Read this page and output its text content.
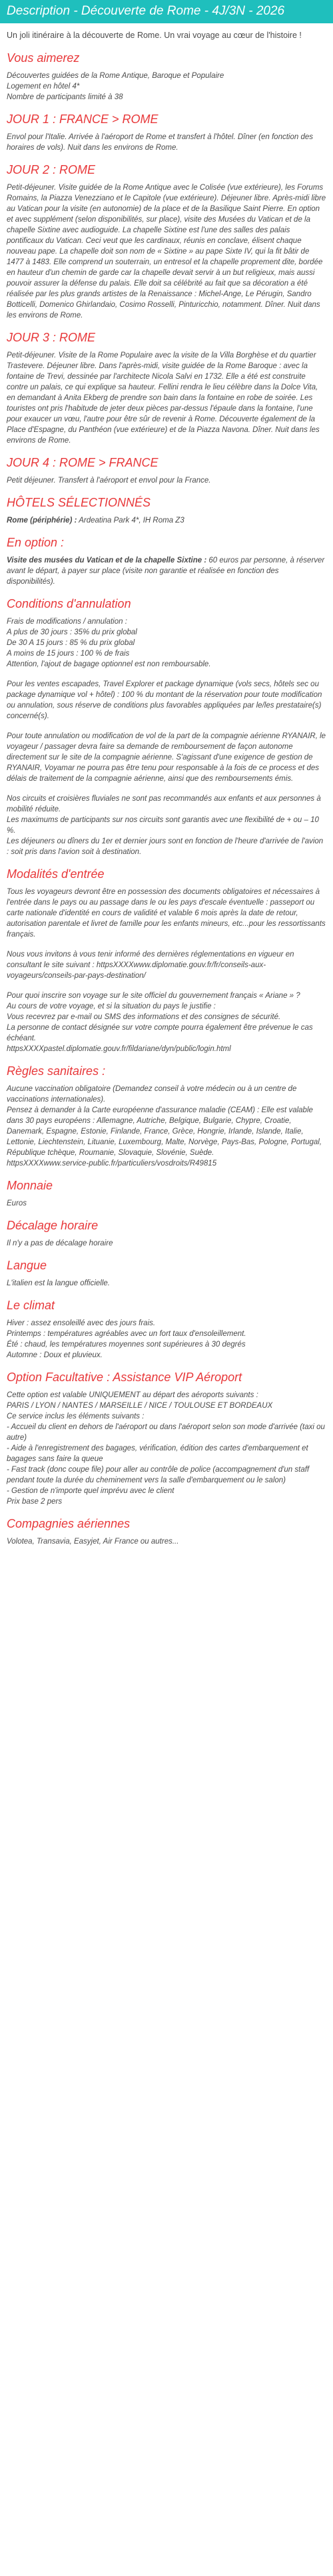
Description - Découverte de Rome - 4J/3N - 2026

Un joli itinéraire à la découverte de Rome. Un vrai voyage au cœur de l'histoire !

Vous aimerez
Découvertes guidées de la Rome Antique, Baroque et Populaire
Logement en hôtel 4*
Nombre de participants limité à 38
JOUR 1 : FRANCE > ROME

Envol pour l'Italie. Arrivée à l'aéroport de Rome et transfert à l'hôtel. Dîner (en fonction des horaires de vols). Nuit dans les environs de Rome.

JOUR 2 : ROME

Petit-déjeuner. Visite guidée de la Rome Antique avec le Colisée (vue extérieure), les Forums Romains, la Piazza Venezziano et le Capitole (vue extérieure). Déjeuner libre. Après-midi libre au Vatican pour la visite (en autonomie) de la place et de la Basilique Saint Pierre. En option et avec supplément (selon disponibilités, sur place), visite des Musées du Vatican et de la chapelle Sixtine avec audioguide. La chapelle Sixtine est l'une des salles des palais pontificaux du Vatican. Ceci veut que les cardinaux, réunis en conclave, élisent chaque nouveau pape. La chapelle doit son nom de « Sixtine » au pape Sixte IV, qui la fit bâtir de 1477 à 1483. Elle comprend un souterrain, un entresol et la chapelle proprement dite, bordée en hauteur d'un chemin de garde car la chapelle devait servir à un but religieux, mais aussi pouvoir assurer la défense du palais. Elle doit sa célébrité au fait que sa décoration a été réalisée par les plus grands artistes de la Renaissance : Michel-Ange, Le Pérugin, Sandro Botticelli, Domenico Ghirlandaio, Cosimo Rosselli, Pinturicchio, notamment. Dîner. Nuit dans les environs de Rome.

JOUR 3 : ROME

Petit-déjeuner. Visite de la Rome Populaire avec la visite de la Villa Borghèse et du quartier Trastevere. Déjeuner libre. Dans l'après-midi, visite guidée de la Rome Baroque : avec la fontaine de Trevi, dessinée par l'architecte Nicola Salvi en 1732. Elle a été est construite contre un palais, ce qui explique sa hauteur. Fellini rendra le lieu célèbre dans la Dolce Vita, en demandant à Anita Ekberg de prendre son bain dans la fontaine en robe de soirée. Les touristes ont pris l'habitude de jeter deux pièces par-dessus l'épaule dans la fontaine, l'une pour exaucer un vœu, l'autre pour être sûr de revenir à Rome. Découverte également de la Place d'Espagne, du Panthéon (vue extérieure) et de la Piazza Navona. Dîner. Nuit dans les environs de Rome.

JOUR 4 : ROME > FRANCE

Petit déjeuner. Transfert à l'aéroport et envol pour la France.

HÔTELS SÉLECTIONNÉS

Rome (périphérie) : Ardeatina Park 4*, IH Roma Z3

En option :

Visite des musées du Vatican et de la chapelle Sixtine : 60 euros par personne, à réserver avant le départ, à payer sur place (visite non garantie et réalisée en fonction des disponibilités).

Conditions d'annulation
Frais de modifications / annulation :
A plus de 30 jours : 35% du prix global
De 30 A 15 jours : 85 % du prix global
A moins de 15 jours : 100 % de frais
Attention, l'ajout de bagage optionnel est non remboursable.

Pour les ventes escapades, Travel Explorer et package dynamique (vols secs, hôtels sec ou package dynamique vol + hôtel) : 100 % du montant de la réservation pour toute modification ou annulation, sous réserve de conditions plus favorables appliquées par le/les prestataire(s) concerné(s).

Pour toute annulation ou modification de vol de la part de la compagnie aérienne RYANAIR, le voyageur / passager devra faire sa demande de remboursement de façon autonome directement sur le site de la compagnie aérienne. S'agissant d'une exigence de gestion de RYANAIR, Voyamar ne pourra pas être tenu pour responsable à la fois de ce process et des délais de traitement de la compagnie aérienne, ainsi que des remboursements émis.

Nos circuits et croisières fluviales ne sont pas recommandés aux enfants et aux personnes à mobilité réduite.
Les maximums de participants sur nos circuits sont garantis avec une flexibilité de + ou – 10 %.
Les déjeuners ou dîners du 1er et dernier jours sont en fonction de l'heure d'arrivée de l'avion : soit pris dans l'avion soit à destination.

Modalités d'entrée

Tous les voyageurs devront être en possession des documents obligatoires et nécessaires à l'entrée dans le pays ou au passage dans le ou les pays d'escale éventuelle : passeport ou carte nationale d'identité en cours de validité et valable 6 mois après la date de retour, autorisation parentale et livret de famille pour les enfants mineurs, etc...pour les ressortissants français.

Nous vous invitons à vous tenir informé des dernières réglementations en vigueur en consultant le site suivant : httpsXXXXwww.diplomatie.gouv.fr/fr/conseils-aux-voyageurs/conseils-par-pays-destination/

Pour quoi inscrire son voyage sur le site officiel du gouvernement français « Ariane » ?
Au cours de votre voyage, et si la situation du pays le justifie :
Vous recevrez par e-mail ou SMS des informations et des consignes de sécurité.
La personne de contact désignée sur votre compte pourra également être prévenue le cas échéant.
httpsXXXXpastel.diplomatie.gouv.fr/fildariane/dyn/public/login.html

Règles sanitaires :

Aucune vaccination obligatoire (Demandez conseil à votre médecin ou à un centre de vaccinations internationales).
Pensez à demander à la Carte européenne d'assurance maladie (CEAM) : Elle est valable dans 30 pays européens : Allemagne, Autriche, Belgique, Bulgarie, Chypre, Croatie, Danemark, Espagne, Estonie, Finlande, France, Grèce, Hongrie, Irlande, Islande, Italie, Lettonie, Liechtenstein, Lituanie, Luxembourg, Malte, Norvège, Pays-Bas, Pologne, Portugal, République tchèque, Roumanie, Slovaquie, Slovénie, Suède.
httpsXXXXwww.service-public.fr/particuliers/vosdroits/R49815

Monnaie

Euros

Décalage horaire

Il n'y a pas de décalage horaire

Langue

L'italien est la langue officielle.

Le climat

Hiver : assez ensoleillé avec des jours frais.
Printemps : températures agréables avec un fort taux d'ensoleillement.
Été : chaud, les températures moyennes sont supérieures à 30 degrés
Automne : Doux et pluvieux.

Option Facultative : Assistance VIP Aéroport

Cette option est valable UNIQUEMENT au départ des aéroports suivants :
PARIS / LYON / NANTES / MARSEILLE / NICE / TOULOUSE ET BORDEAUX
Ce service inclus les éléments suivants :
- Accueil du client en dehors de l'aéroport ou dans l'aéroport selon son mode d'arrivée (taxi ou autre)
- Aide à l'enregistrement des bagages, vérification, édition des cartes d'embarquement et bagages sans faire la queue
- Fast track (donc coupe file) pour aller au contrôle de police (accompagnement d'un staff pendant toute la durée du cheminement vers la salle d'embarquement ou le salon)
- Gestion de n'importe quel imprévu avec le client
Prix base 2 pers

Compagnies aériennes

Volotea, Transavia, Easyjet, Air France ou autres...
